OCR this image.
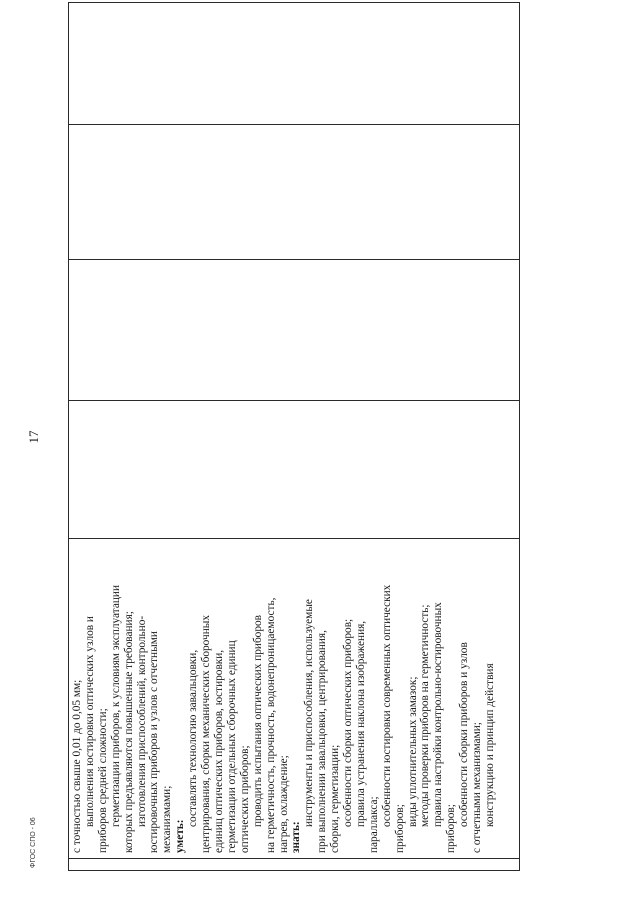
17

с точностью свыше 0,01 до 0,05 мм; выполнения юстировки оптических узлов и приборов средней сложности; герметизации приборов, к условиям эксплуатации которых предъявляются повышенные требования; изготовления приспособлений, контрольно- юстировочных приборов и узлов с отчетными механизмами; уметь:
составлять технологию завальцовки, центрирования, сборки механических сборочных единиц оптических приборов, юстировки, герметизации отдельных сборочных единиц оптических приборов; проводить испытания оптических приборов на герметичность, прочность, водонепроницаемость, нагрев, охлаждение; знать:
инструменты и приспособления, используемые при выполнении завальцовки, центрирования, сборки, герметизации; особенности сборки оптических приборов; правила устранения наклона изображения, параллакса; особенности юстировки современных оптических
приборов;
виды уплотнительных замазок; методы проверки приборов на герметичность; правила настройки контрольно-юстировочных
приборов;
особенности сборки приборов и узлов с отчетными механизмами; конструкцию и принцип действия

ФГОС СПО - 06
